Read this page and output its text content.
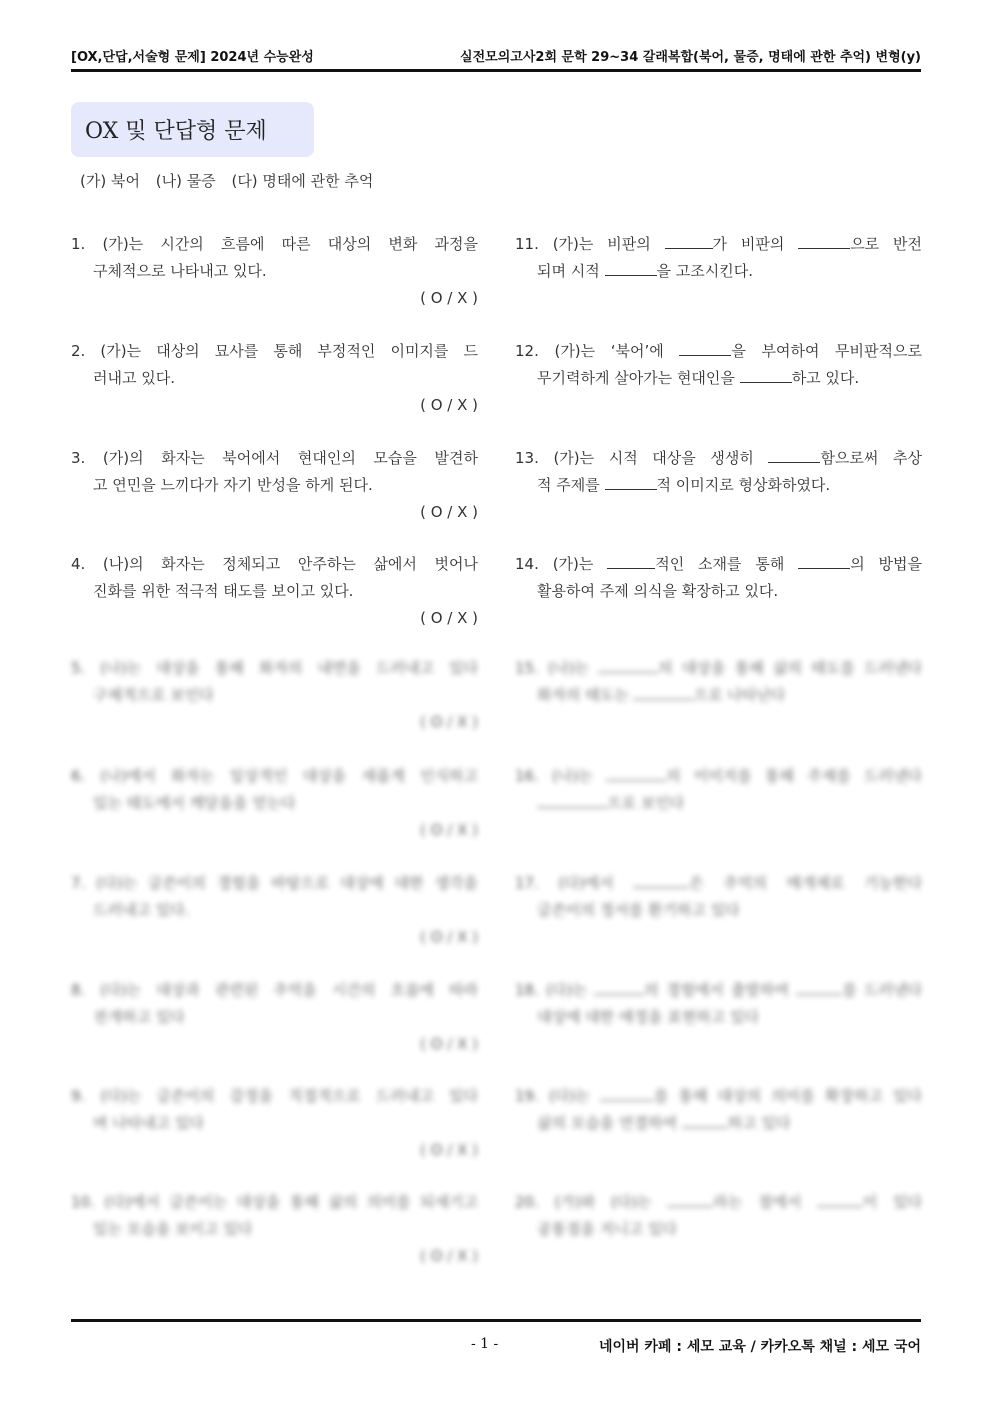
[OX,단답,서술형 문제] 2024년 수능완성	실전모의고사2회 문학 29~34 갈래복합(북어, 물증, 명태에 관한 추억) 변형(y)
OX 및 단답형 문제
(가) 북어 (나) 물증 (다) 명태에 관한 추억
1. (가)는 시간의 흐름에 따른 대상의 변화 과정을
구체적으로 나타내고 있다.
( O / X )
2. (가)는 대상의 묘사를 통해 부정적인 이미지를 드
러내고 있다.
( O / X )
3. (가)의 화자는 북어에서 현대인의 모습을 발견하
고 연민을 느끼다가 자기 반성을 하게 된다.
( O / X )
4. (나)의 화자는 정체되고 안주하는 삶에서 벗어나
진화를 위한 적극적 태도를 보이고 있다.
( O / X )
5. (나)는 대상을 통해 화자의 내면을 드러내고 있다
구체적으로 보인다
( O / X )
6. (나)에서 화자는 일상적인 대상을 새롭게 인식하고
있는 태도에서 깨달음을 얻는다
( O / X )
7. (다)는 글쓴이의 경험을 바탕으로 대상에 대한 생각을
드러내고 있다.
( O / X )
8. (다)는 대상과 관련된 추억을 시간의 흐름에 따라
전개하고 있다
( O / X )
9. (다)는 글쓴이의 감정을 직접적으로 드러내고 있다
며 나타내고 있다
( O / X )
10. (다)에서 글쓴이는 대상을 통해 삶의 의미를 되새기고
있는 모습을 보이고 있다
( O / X )
11. (가)는 비판의	가 비판의	으로 반전
되며 시적	을 고조시킨다.
12. (가)는 ‘북어’에	을 부여하여 무비판적으로
무기력하게 살아가는 현대인을	하고 있다.
13. (가)는 시적 대상을 생생히	함으로써 추상
적 주제를	적 이미지로 형상화하였다.
14. (가)는	적인 소재를 통해	의 방법을
활용하여 주제 의식을 확장하고 있다.
15. (나)는	의 대상을 통해 삶의 태도를 드러낸다
화자의 태도는	으로 나타난다
16. (나)는	의 이미지를 통해 주제를 드러낸다
으로 보인다
17. (다)에서	은 추억의 매개체로 기능한다
글쓴이의 정서를 환기하고 있다
18. (다)는	의 경험에서 출발하여	를 드러낸다
대상에 대한 애정을 표현하고 있다
19. (다)는	를 통해 대상의 의미를 확장하고 있다
삶의 모습을 연결하여	하고 있다
20. (가)와 (다)는	라는 점에서	이 있다
공통점을 지니고 있다
- 1 -	네이버 카페 : 세모 교육 / 카카오톡 채널 : 세모 국어
